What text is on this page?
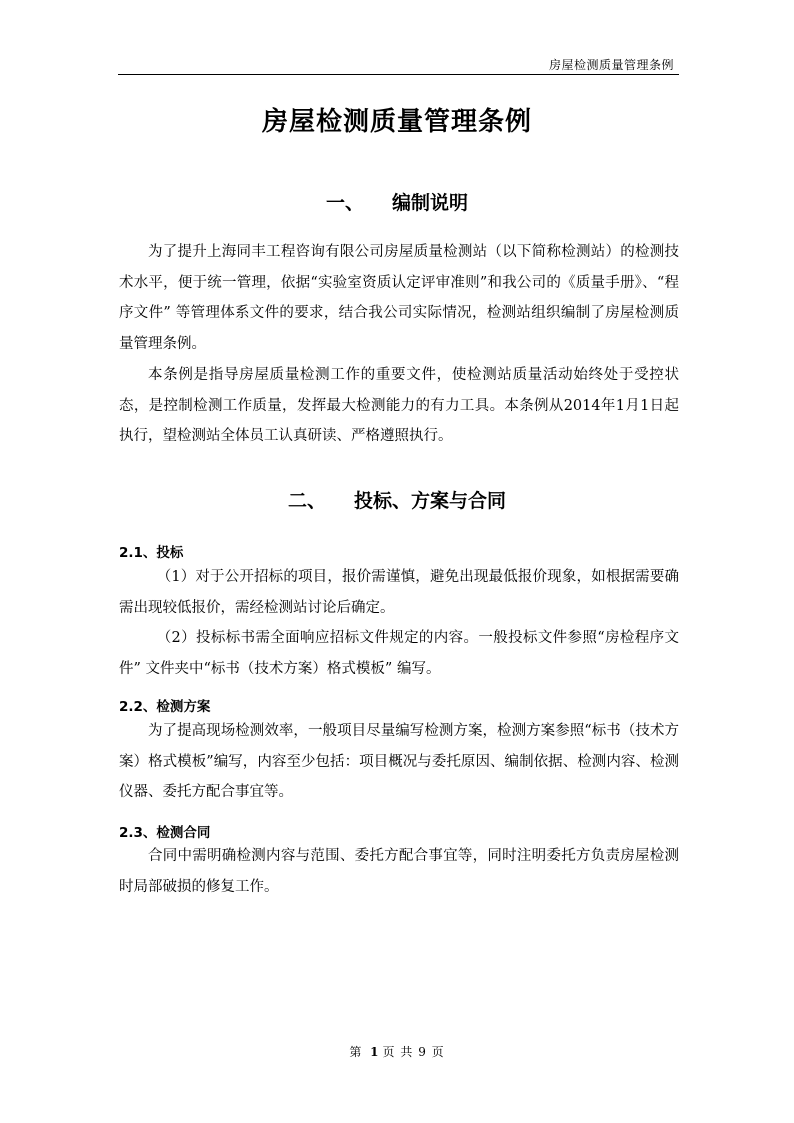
房屋检测质量管理条例
房屋检测质量管理条例
一、 编制说明

为了提升上海同丰工程咨询有限公司房屋质量检测站（以下简称检测站）的检测技术水平，便于统一管理，依据“实验室资质认定评审准则”和我公司的《质量手册》、“程序文件” 等管理体系文件的要求，结合我公司实际情况，检测站组织编制了房屋检测质量管理条例。

本条例是指导房屋质量检测工作的重要文件，使检测站质量活动始终处于受控状态，是控制检测工作质量，发挥最大检测能力的有力工具。本条例从2014年1月1日起执行，望检测站全体员工认真研读、严格遵照执行。

二、 投标、方案与合同
2.1、投标

（1）对于公开招标的项目，报价需谨慎，避免出现最低报价现象，如根据需要确需出现较低报价，需经检测站讨论后确定。

（2）投标标书需全面响应招标文件规定的内容。一般投标文件参照“房检程序文件” 文件夹中“标书（技术方案）格式模板” 编写。

2.2、检测方案

为了提高现场检测效率，一般项目尽量编写检测方案，检测方案参照“标书（技术方案）格式模板”编写，内容至少包括：项目概况与委托原因、编制依据、检测内容、检测仪器、委托方配合事宜等。

2.3、检测合同

合同中需明确检测内容与范围、委托方配合事宜等，同时注明委托方负责房屋检测时局部破损的修复工作。

第 1 页 共 9 页
